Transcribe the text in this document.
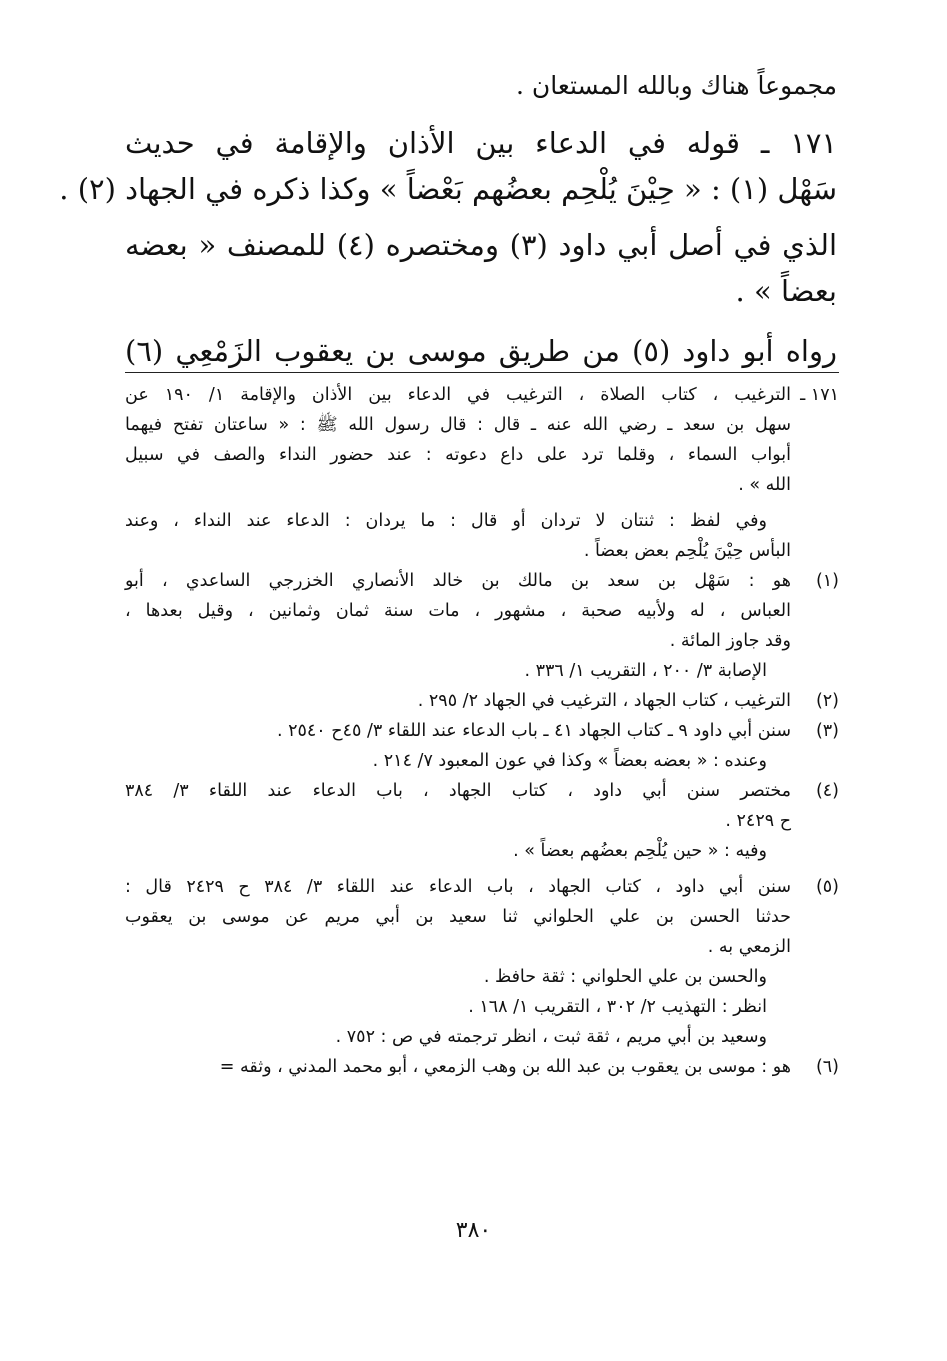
مجموعاً هناك وبالله المستعان .

١٧١ ـ قوله في الدعاء بين الأذان والإقامة في حديث

سَهْل (١) : « حِيْنَ يُلْحِم بعضُهم بَعْضاً » وكذا ذكره في الجهاد (٢) .

الذي في أصل أبي داود (٣) ومختصره (٤) للمصنف « بعضه

بعضاً » .

رواه أبو داود (٥) من طريق موسى بن يعقوب الزَمْعِي (٦)

١٧١ ـ

الترغيب ، كتاب الصلاة ، الترغيب في الدعاء بين الأذان والإقامة ١/ ١٩٠ عن

سهل بن سعد ـ رضي الله عنه ـ قال : قال رسول الله ﷺ : « ساعتان تفتح فيهما

أبواب السماء ، وقلما ترد على داع دعوته : عند حضور النداء والصف في سبيل

الله » .

وفي لفظ : ثنتان لا تردان أو قال : ما يردان : الدعاء عند النداء ، وعند

البأس حِيْنَ يُلْحِم بعض بعضاً .

(١)

هو : سَهْل بن سعد بن مالك بن خالد الأنصاري الخزرجي الساعدي ، أبو

العباس ، له ولأبيه صحبة ، مشهور ، مات سنة ثمان وثمانين ، وقيل بعدها ،

وقد جاوز المائة .

الإصابة ٣/ ٢٠٠ ، التقريب ١/ ٣٣٦ .

(٢)

الترغيب ، كتاب الجهاد ، الترغيب في الجهاد ٢/ ٢٩٥ .

(٣)

سنن أبي داود ٩ ـ كتاب الجهاد ٤١ ـ باب الدعاء عند اللقاء ٣/ ٤٥ح ٢٥٤٠ .

وعنده : « بعضه بعضاً » وكذا في عون المعبود ٧/ ٢١٤ .

(٤)

مختصر سنن أبي داود ، كتاب الجهاد ، باب الدعاء عند اللقاء ٣/ ٣٨٤

ح ٢٤٢٩ .

وفيه : « حين يُلْحِم بعضُهم بعضاً » .

(٥)

سنن أبي داود ، كتاب الجهاد ، باب الدعاء عند اللقاء ٣/ ٣٨٤ ح ٢٤٢٩ قال :

حدثنا الحسن بن علي الحلواني ثنا سعيد بن أبي مريم عن موسى بن يعقوب

الزمعي به .

والحسن بن علي الحلواني : ثقة حافظ .

انظر : التهذيب ٢/ ٣٠٢ ، التقريب ١/ ١٦٨ .

وسعيد بن أبي مريم ، ثقة ثبت ، انظر ترجمته في ص : ٧٥٢ .

(٦)

هو : موسى بن يعقوب بن عبد الله بن وهب الزمعي ، أبو محمد المدني ، وثقه =

٣٨٠
